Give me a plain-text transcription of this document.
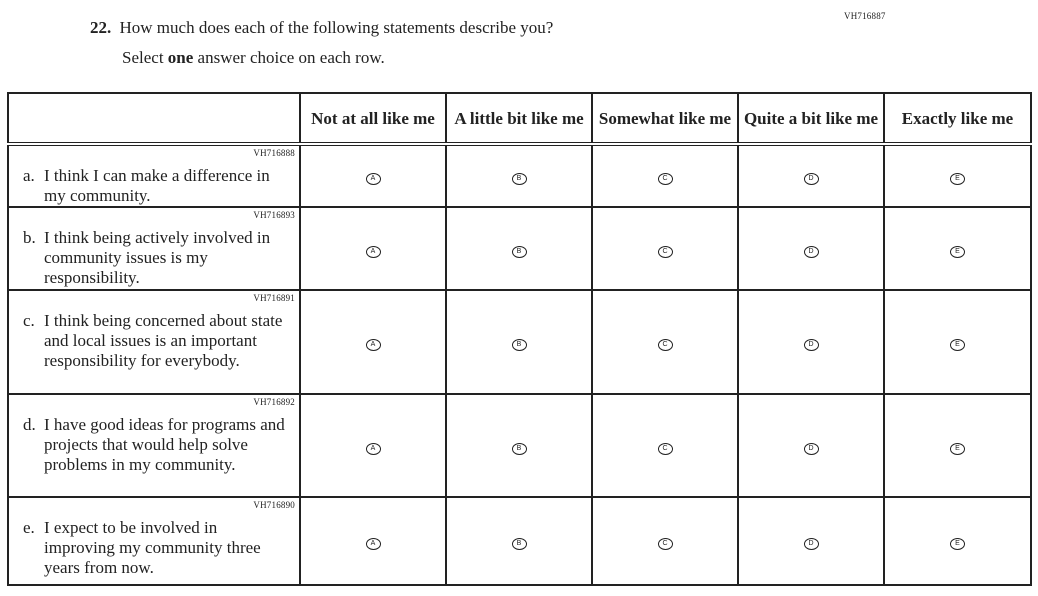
VH716887
22. How much does each of the following statements describe you?
Select one answer choice on each row.
	Not at all like me	A little bit like me	Somewhat like me	Quite a bit like me	Exactly like me

VH716888
a. I think I can make a difference in my community.	A	B	C	D	E

VH716893
b. I think being actively involved in community issues is my responsibility.	A	B	C	D	E

VH716891
c. I think being concerned about state and local issues is an important responsibility for everybody.	A	B	C	D	E

VH716892
d. I have good ideas for programs and projects that would help solve problems in my community.	A	B	C	D	E

VH716890
e. I expect to be involved in improving my community three years from now.	A	B	C	D	E
